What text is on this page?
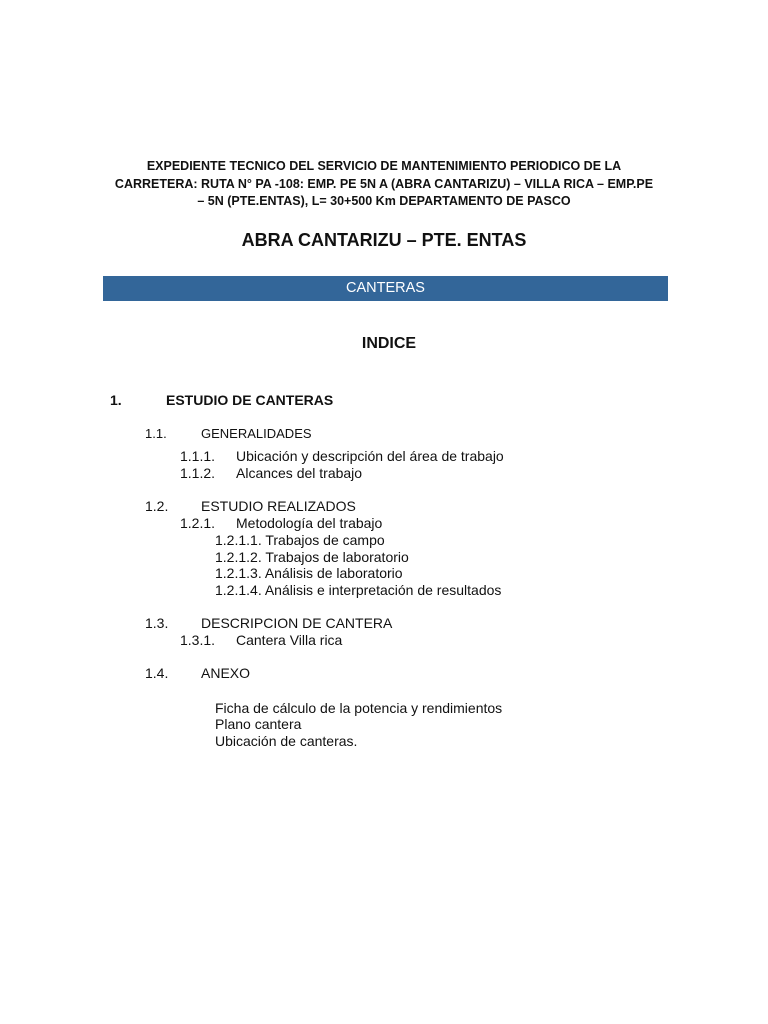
EXPEDIENTE TECNICO DEL SERVICIO DE MANTENIMIENTO PERIODICO DE LA
CARRETERA: RUTA N° PA -108: EMP. PE 5N A (ABRA CANTARIZU) – VILLA RICA – EMP.PE
– 5N (PTE.ENTAS), L= 30+500 Km DEPARTAMENTO DE PASCO
ABRA CANTARIZU – PTE. ENTAS
CANTERAS
INDICE
1.	ESTUDIO DE CANTERAS
1.1.	GENERALIDADES
1.1.1. Ubicación y descripción del área de trabajo
1.1.2. Alcances del trabajo
1.2. ESTUDIO REALIZADOS
1.2.1. Metodología del trabajo
1.2.1.1. Trabajos de campo
1.2.1.2. Trabajos de laboratorio
1.2.1.3. Análisis de laboratorio
1.2.1.4. Análisis e interpretación de resultados
1.3. DESCRIPCION DE CANTERA
1.3.1. Cantera Villa rica
1.4. ANEXO
Ficha de cálculo de la potencia y rendimientos
Plano cantera
Ubicación de canteras.
